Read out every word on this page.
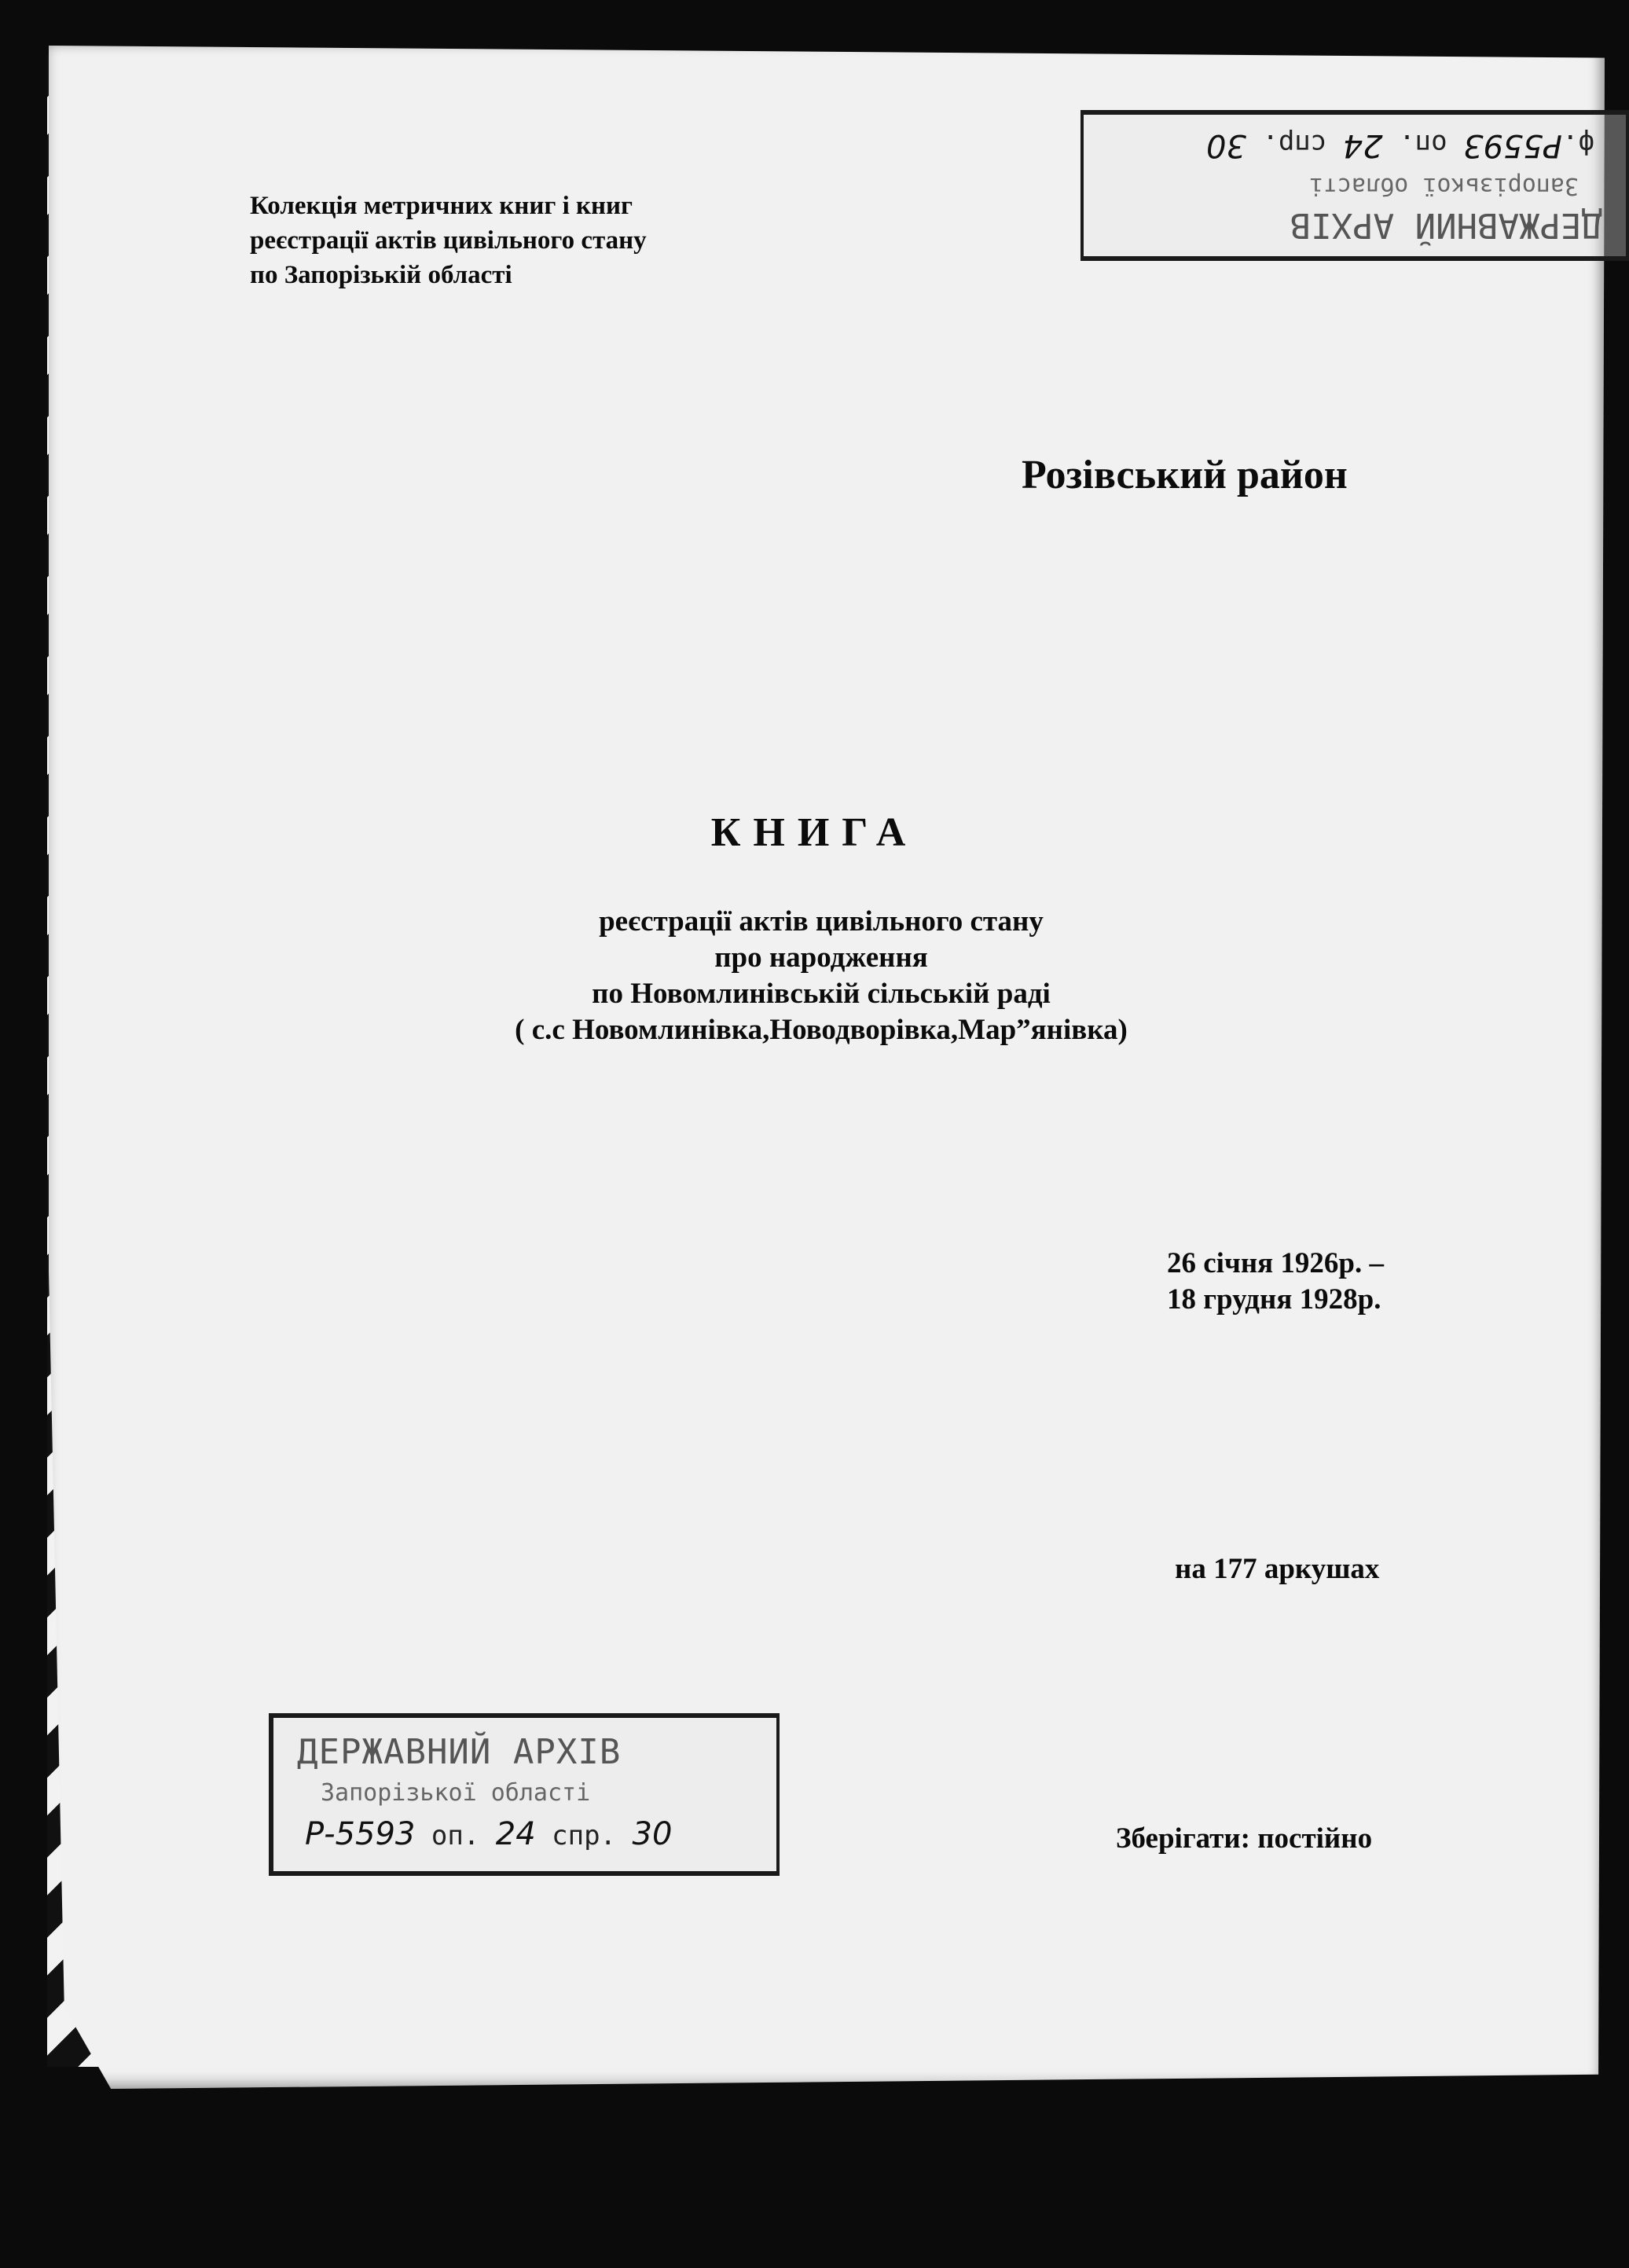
ДЕРЖАВНИЙ АРХІВ
Запорізької області
ф.Р5593 оп. 24 спр. 30
Колекція метричних книг і книг
реєстрації актів цивільного стану
по Запорізькій області
Розівський район
КНИГА
реєстрації актів цивільного стану
про народження
по Новомлинівській сільській раді
( с.с Новомлинівка,Новодворівка,Мар”янівка)
26 січня 1926р. –
18 грудня 1928р.
на 177 аркушах
Зберігати: постійно
ДЕРЖАВНИЙ АРХІВ
Запорізької області
Р-5593 оп. 24 спр. 30
